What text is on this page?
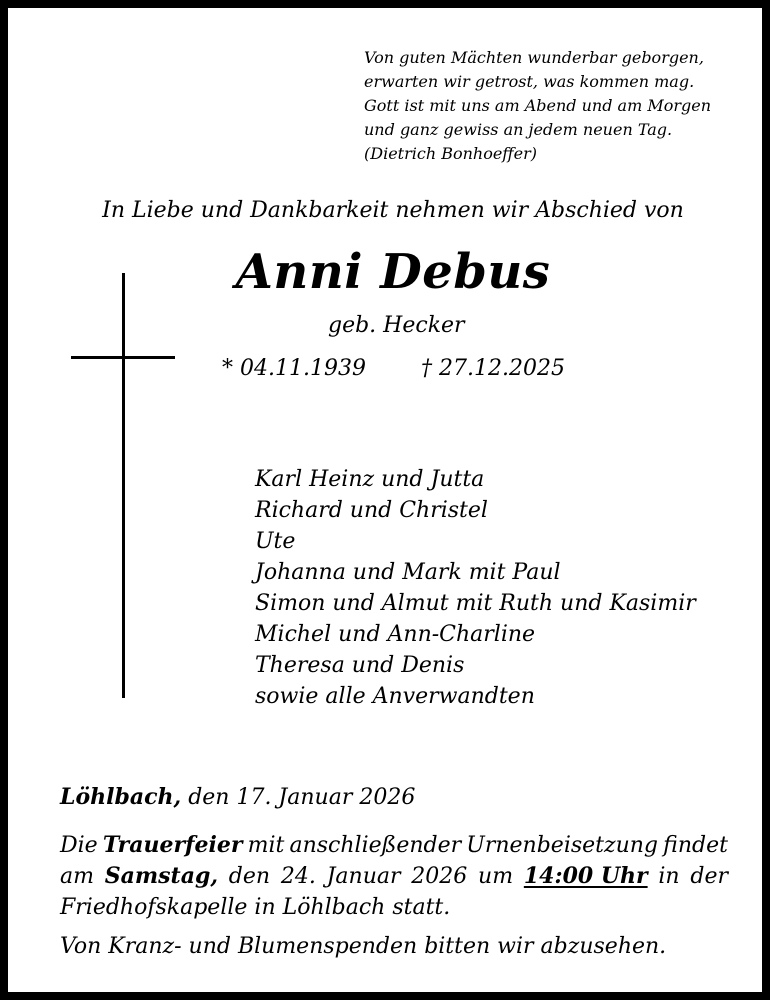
Von guten Mächten wunderbar geborgen,
erwarten wir getrost, was kommen mag.
Gott ist mit uns am Abend und am Morgen
und ganz gewiss an jedem neuen Tag.
(Dietrich Bonhoeffer)
In Liebe und Dankbarkeit nehmen wir Abschied von
Anni Debus
geb. Hecker
* 04.11.1939	† 27.12.2025
Karl Heinz und Jutta
Richard und Christel
Ute
Johanna und Mark mit Paul
Simon und Almut mit Ruth und Kasimir
Michel und Ann-Charline
Theresa und Denis
sowie alle Anverwandten
Löhlbach, den 17. Januar 2026
Die Trauerfeier mit anschließender Urnenbeisetzung findet
am Samstag, den 24. Januar 2026 um 14:00 Uhr in der
Friedhofskapelle in Löhlbach statt.
Von Kranz- und Blumenspenden bitten wir abzusehen.
